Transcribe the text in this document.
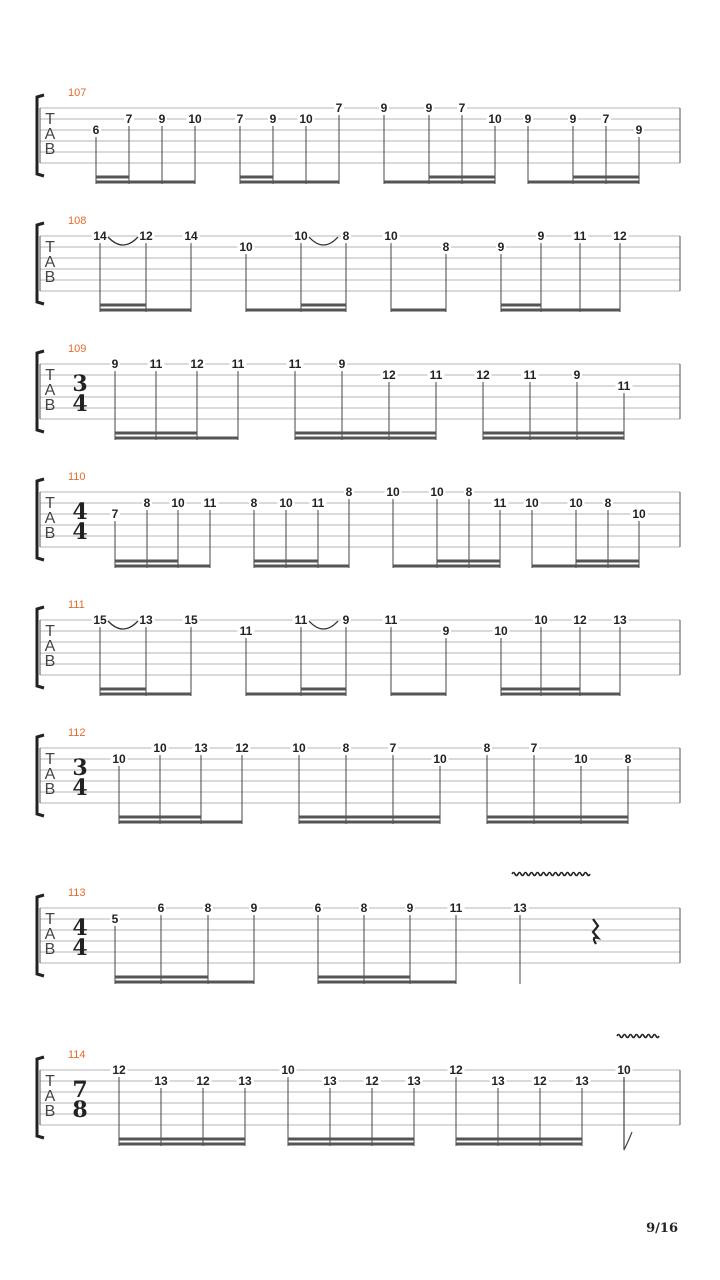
T
A
B
107
6
7 9 10	7 9 10
7	9	9 7
10 9	9 7
9
T
A
B
108
14	12	14
10
10	8	10
8	9
9 11 12
T
A
B
109
3
4
9	11 12 11	11	9
12	11	12	11	9
11
T
A
B
110
4
4
7
8 10 11	8 10 11
8	10	10 8
11 10	10 8
10
T
A
B
111
15	13	15
11
11	9	11
9	10
10 12 13
T
A
B
112
3
4
10
10 13 12	10	8	7
10
8	7
10	8
T
A
B
113
4
4
5
6	8	9	6	8	9	11	13
T
A
B
114
7
8
12
13 12 13
10
13 12 13
12
13 12 13
10
9/16
